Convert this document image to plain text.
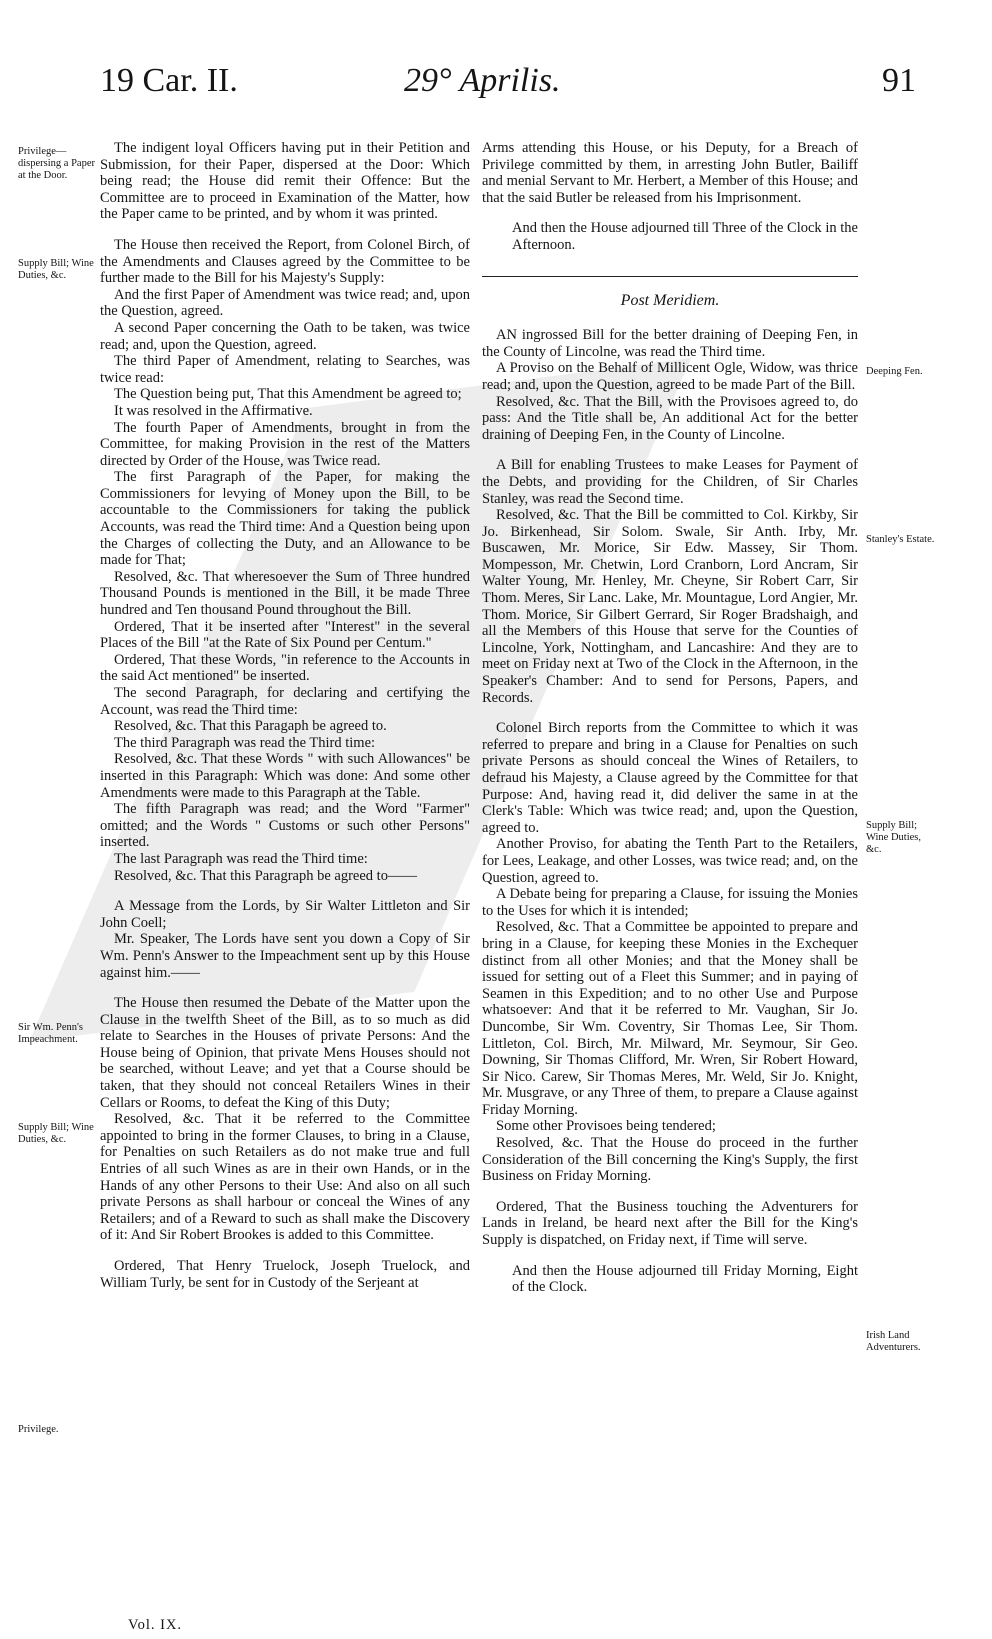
19 Car. II.	29° Aprilis.	91
Privilege—dispersing a Paper at the Door.
Supply Bill; Wine Duties, &c.
Sir Wm. Penn's Impeachment.
Supply Bill; Wine Duties, &c.
Privilege.
Deeping Fen.
Stanley's Estate.
Supply Bill; Wine Duties, &c.
Irish Land Adventurers.

The indigent loyal Officers having put in their Petition and Submission, for their Paper, dispersed at the Door: Which being read; the House did remit their Offence: But the Committee are to proceed in Examination of the Matter, how the Paper came to be printed, and by whom it was printed.

The House then received the Report, from Colonel Birch, of the Amendments and Clauses agreed by the Committee to be further made to the Bill for his Majesty's Supply:

And the first Paper of Amendment was twice read; and, upon the Question, agreed.

A second Paper concerning the Oath to be taken, was twice read; and, upon the Question, agreed.

The third Paper of Amendment, relating to Searches, was twice read:

The Question being put, That this Amendment be agreed to;

It was resolved in the Affirmative.

The fourth Paper of Amendments, brought in from the Committee, for making Provision in the rest of the Matters directed by Order of the House, was Twice read.

The first Paragraph of the Paper, for making the Commissioners for levying of Money upon the Bill, to be accountable to the Commissioners for taking the publick Accounts, was read the Third time: And a Question being upon the Charges of collecting the Duty, and an Allowance to be made for That;

Resolved, &c. That wheresoever the Sum of Three hundred Thousand Pounds is mentioned in the Bill, it be made Three hundred and Ten thousand Pound throughout the Bill.

Ordered, That it be inserted after "Interest" in the several Places of the Bill "at the Rate of Six Pound per Centum."

Ordered, That these Words, "in reference to the Accounts in the said Act mentioned" be inserted.

The second Paragraph, for declaring and certifying the Account, was read the Third time:

Resolved, &c. That this Paragaph be agreed to.

The third Paragraph was read the Third time:

Resolved, &c. That these Words " with such Allowances" be inserted in this Paragraph: Which was done: And some other Amendments were made to this Paragraph at the Table.

The fifth Paragraph was read; and the Word "Farmer" omitted; and the Words " Customs or such other Persons" inserted.

The last Paragraph was read the Third time:

Resolved, &c. That this Paragraph be agreed to——

A Message from the Lords, by Sir Walter Littleton and Sir John Coell;

Mr. Speaker, The Lords have sent you down a Copy of Sir Wm. Penn's Answer to the Impeachment sent up by this House against him.——

The House then resumed the Debate of the Matter upon the Clause in the twelfth Sheet of the Bill, as to so much as did relate to Searches in the Houses of private Persons: And the House being of Opinion, that private Mens Houses should not be searched, without Leave; and yet that a Course should be taken, that they should not conceal Retailers Wines in their Cellars or Rooms, to defeat the King of this Duty;

Resolved, &c. That it be referred to the Committee appointed to bring in the former Clauses, to bring in a Clause, for Penalties on such Retailers as do not make true and full Entries of all such Wines as are in their own Hands, or in the Hands of any other Persons to their Use: And also on all such private Persons as shall harbour or conceal the Wines of any Retailers; and of a Reward to such as shall make the Discovery of it: And Sir Robert Brookes is added to this Committee.

Ordered, That Henry Truelock, Joseph Truelock, and William Turly, be sent for in Custody of the Serjeant at

Arms attending this House, or his Deputy, for a Breach of Privilege committed by them, in arresting John Butler, Bailiff and menial Servant to Mr. Herbert, a Member of this House; and that the said Butler be released from his Imprisonment.

And then the House adjourned till Three of the Clock in the Afternoon.

Post Meridiem.

AN ingrossed Bill for the better draining of Deeping Fen, in the County of Lincolne, was read the Third time.

A Proviso on the Behalf of Millicent Ogle, Widow, was thrice read; and, upon the Question, agreed to be made Part of the Bill.

Resolved, &c. That the Bill, with the Provisoes agreed to, do pass: And the Title shall be, An additional Act for the better draining of Deeping Fen, in the County of Lincolne.

A Bill for enabling Trustees to make Leases for Payment of the Debts, and providing for the Children, of Sir Charles Stanley, was read the Second time.

Resolved, &c. That the Bill be committed to Col. Kirkby, Sir Jo. Birkenhead, Sir Solom. Swale, Sir Anth. Irby, Mr. Buscawen, Mr. Morice, Sir Edw. Massey, Sir Thom. Mompesson, Mr. Chetwin, Lord Cranborn, Lord Ancram, Sir Walter Young, Mr. Henley, Mr. Cheyne, Sir Robert Carr, Sir Thom. Meres, Sir Lanc. Lake, Mr. Mountague, Lord Angier, Mr. Thom. Morice, Sir Gilbert Gerrard, Sir Roger Bradshaigh, and all the Members of this House that serve for the Counties of Lincolne, York, Nottingham, and Lancashire: And they are to meet on Friday next at Two of the Clock in the Afternoon, in the Speaker's Chamber: And to send for Persons, Papers, and Records.

Colonel Birch reports from the Committee to which it was referred to prepare and bring in a Clause for Penalties on such private Persons as should conceal the Wines of Retailers, to defraud his Majesty, a Clause agreed by the Committee for that Purpose: And, having read it, did deliver the same in at the Clerk's Table: Which was twice read; and, upon the Question, agreed to.

Another Proviso, for abating the Tenth Part to the Retailers, for Lees, Leakage, and other Losses, was twice read; and, on the Question, agreed to.

A Debate being for preparing a Clause, for issuing the Monies to the Uses for which it is intended;

Resolved, &c. That a Committee be appointed to prepare and bring in a Clause, for keeping these Monies in the Exchequer distinct from all other Monies; and that the Money shall be issued for setting out of a Fleet this Summer; and in paying of Seamen in this Expedition; and to no other Use and Purpose whatsoever: And that it be referred to Mr. Vaughan, Sir Jo. Duncombe, Sir Wm. Coventry, Sir Thomas Lee, Sir Thom. Littleton, Col. Birch, Mr. Milward, Mr. Seymour, Sir Geo. Downing, Sir Thomas Clifford, Mr. Wren, Sir Robert Howard, Sir Nico. Carew, Sir Thomas Meres, Mr. Weld, Sir Jo. Knight, Mr. Musgrave, or any Three of them, to prepare a Clause against Friday Morning.

Some other Provisoes being tendered;

Resolved, &c. That the House do proceed in the further Consideration of the Bill concerning the King's Supply, the first Business on Friday Morning.

Ordered, That the Business touching the Adventurers for Lands in Ireland, be heard next after the Bill for the King's Supply is dispatched, on Friday next, if Time will serve.

And then the House adjourned till Friday Morning, Eight of the Clock.

Vol. IX.
